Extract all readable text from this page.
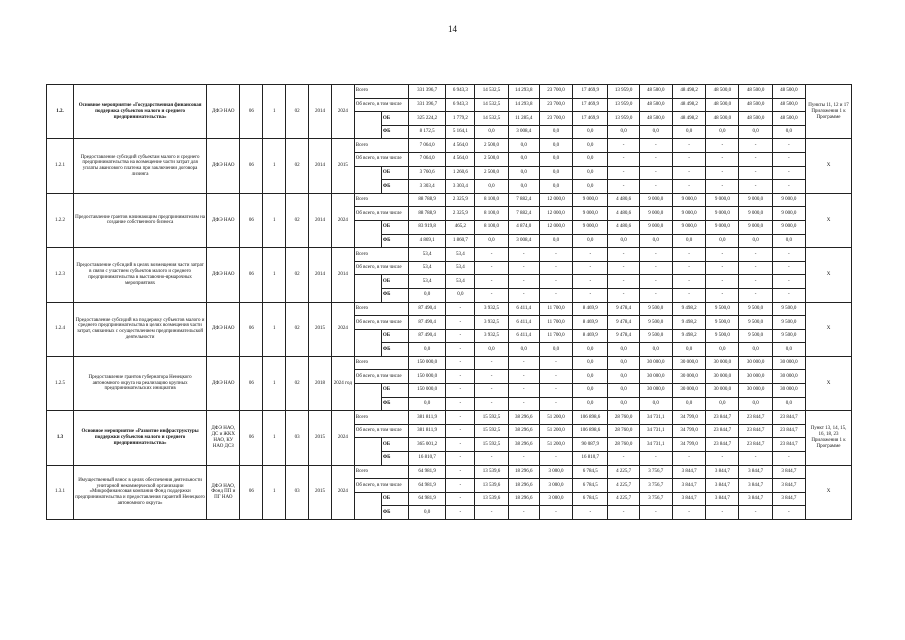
14
1.2.	Основное мероприятие «Государственная финансовая поддержка субъектов малого и среднего предпринимательства»	ДФЭ НАО	06	1	02	2014	2024	Всего		331 396,7	6 943,3	14 532,5	14 293,8	23 700,0	17 469,9	13 959,0	48 500,0	48 498,2	48 500,0	48 500,0	48 500,0	Пункты 11, 12 и 17 Приложения 1 к Программе
								Об всего, в том числе		331 396,7	6 943,3	14 532,5	14 293,8	23 700,0	17 469,9	13 959,0	48 500,0	48 498,2	48 500,0	48 500,0	48 500,0	
									ОБ	325 224,2	1 779,2	14 532,5	11 285,4	23 700,0	17 469,9	13 959,0	48 500,0	48 498,2	48 500,0	48 500,0	48 500,0	
									ФБ	8 172,5	5 164,1	0,0	3 008,4	0,0	0,0	0,0	0,0	0,0	0,0	0,0	0,0	
1.2.1	Предоставление субсидий субъектам малого и среднего предпринимательства на возмещение части затрат для уплаты авансового платежа при заключении договора лизинга	ДФЭ НАО	06	1	02	2014	2015	Всего		7 064,0	4 564,0	2 500,0	0,0	0,0	0,0	-	-	-	-	-	-	Х
								Об всего, в том числе		7 064,0	4 564,0	2 500,0	0,0	0,0	0,0	-	-	-	-	-	-	
									ОБ	3 760,6	1 260,6	2 500,0	0,0	0,0	0,0	-	-	-	-	-	-	
									ФБ	3 303,4	3 303,4	0,0	0,0	0,0	0,0	-	-	-	-	-	-	
1.2.2	Предоставление грантов начинающим предпринимателям на создание собственного бизнеса	ДФЭ НАО	06	1	02	2014	2024	Всего		88 788,9	2 325,9	8 100,0	7 882,4	12 000,0	9 000,0	4 480,6	9 000,0	9 000,0	9 000,0	9 000,0	9 000,0	Х
								Об всего, в том числе		88 788,9	2 325,9	8 100,0	7 882,4	12 000,0	9 000,0	4 480,6	9 000,0	9 000,0	9 000,0	9 000,0	9 000,0	
									ОБ	83 919,8	465,2	8 100,0	4 874,0	12 000,0	9 000,0	4 480,6	9 000,0	9 000,0	9 000,0	9 000,0	9 000,0	
									ФБ	4 869,1	1 860,7	0,0	3 008,4	0,0	0,0	0,0	0,0	0,0	0,0	0,0	0,0	
1.2.3	Предоставление субсидий в целях возмещения части затрат в связи с участием субъектов малого и среднего предпринимательства в выставочно-ярмарочных мероприятиях	ДФЭ НАО	06	1	02	2014	2014	Всего		53,4	53,4	-	-	-	-	-	-	-	-	-	-	Х
								Об всего, в том числе		53,4	53,4	-	-	-	-	-	-	-	-	-	-	
									ОБ	53,4	53,4	-	-	-	-	-	-	-	-	-	-	
									ФБ	0,0	0,0	-	-	-	-	-	-	-	-	-	-	
1.2.4	Предоставление субсидий на поддержку субъектов малого и среднего предпринимательства в целях возмещения части затрат, связанных с осуществлением предпринимательской деятельности	ДФЭ НАО	06	1	02	2015	2024	Всего		87 490,4	-	3 932,5	6 411,4	11 700,0	8 469,9	9 478,4	9 500,0	9 498,2	9 500,0	9 500,0	9 500,0	Х
								Об всего, в том числе		87 490,4	-	3 932,5	6 411,4	11 700,0	8 469,9	9 478,4	9 500,0	9 498,2	9 500,0	9 500,0	9 500,0	
									ОБ	87 490,4	-	3 932,5	6 411,4	11 700,0	8 469,9	9 478,4	9 500,0	9 498,2	9 500,0	9 500,0	9 500,0	
									ФБ	0,0	-	0,0	0,0	0,0	0,0	0,0	0,0	0,0	0,0	0,0	0,0	
1.2.5	Предоставление грантов губернатора Ненецкого автономного округа на реализацию крупных предпринимательских инициатив	ДФЭ НАО	06	1	02	2018	2024 год	Всего		150 000,0	-	-	-	-	0,0	0,0	30 000,0	30 000,0	30 000,0	30 000,0	30 000,0	Х
								Об всего, в том числе		150 000,0	-	-	-	-	0,0	0,0	30 000,0	30 000,0	30 000,0	30 000,0	30 000,0	
									ОБ	150 000,0	-	-	-	-	0,0	0,0	30 000,0	30 000,0	30 000,0	30 000,0	30 000,0	
									ФБ	0,0	-	-	-	-	0,0	0,0	0,0	0,0	0,0	0,0	0,0	
1.3	Основное мероприятие «Развитие инфраструктуры поддержки субъектов малого и среднего предпринимательства»	ДФЭ НАО, ДС и ЖКХ НАО, КУ НАО ДСЗ	06	1	03	2015	2024	Всего		381 811,9	-	15 592,5	38 296,6	51 200,0	106 898,6	28 760,0	34 731,1	34 799,0	23 844,7	23 844,7	23 844,7	Пункт 13, 14, 15, 16, 18, 23 Приложения 1 к Программе
								Об всего, в том числе		381 811,9	-	15 592,5	38 296,6	51 200,0	106 898,6	28 760,0	34 731,1	34 799,0	23 844,7	23 844,7	23 844,7	
									ОБ	365 001,2	-	15 592,5	38 296,6	51 200,0	90 087,9	28 760,0	34 731,1	34 799,0	23 844,7	23 844,7	23 844,7	
									ФБ	16 810,7	-	-	-	-	16 810,7	-	-	-	-	-	-	
1.3.1	Имущественный взнос в целях обеспечения деятельности унитарной некоммерческой организации «Микрофинансовая компания Фонд поддержки предпринимательства и предоставления гарантий Ненецкого автономного округа»	ДФЭ НАО, Фонд ПП и ПГ НАО	06	1	03	2015	2024	Всего		64 981,9	-	13 539,6	18 296,6	3 000,0	6 784,5	4 225,7	3 756,7	3 844,7	3 844,7	3 844,7	3 844,7	Х
								Об всего, в том числе		64 981,9	-	13 539,6	18 296,6	3 000,0	6 784,5	4 225,7	3 756,7	3 844,7	3 844,7	3 844,7	3 844,7	
									ОБ	64 981,9	-	13 539,6	18 296,6	3 000,0	6 784,5	4 225,7	3 756,7	3 844,7	3 844,7	3 844,7	3 844,7	
									ФБ	0,0	-	-	-	-	-	-	-	-	-	-	-	
